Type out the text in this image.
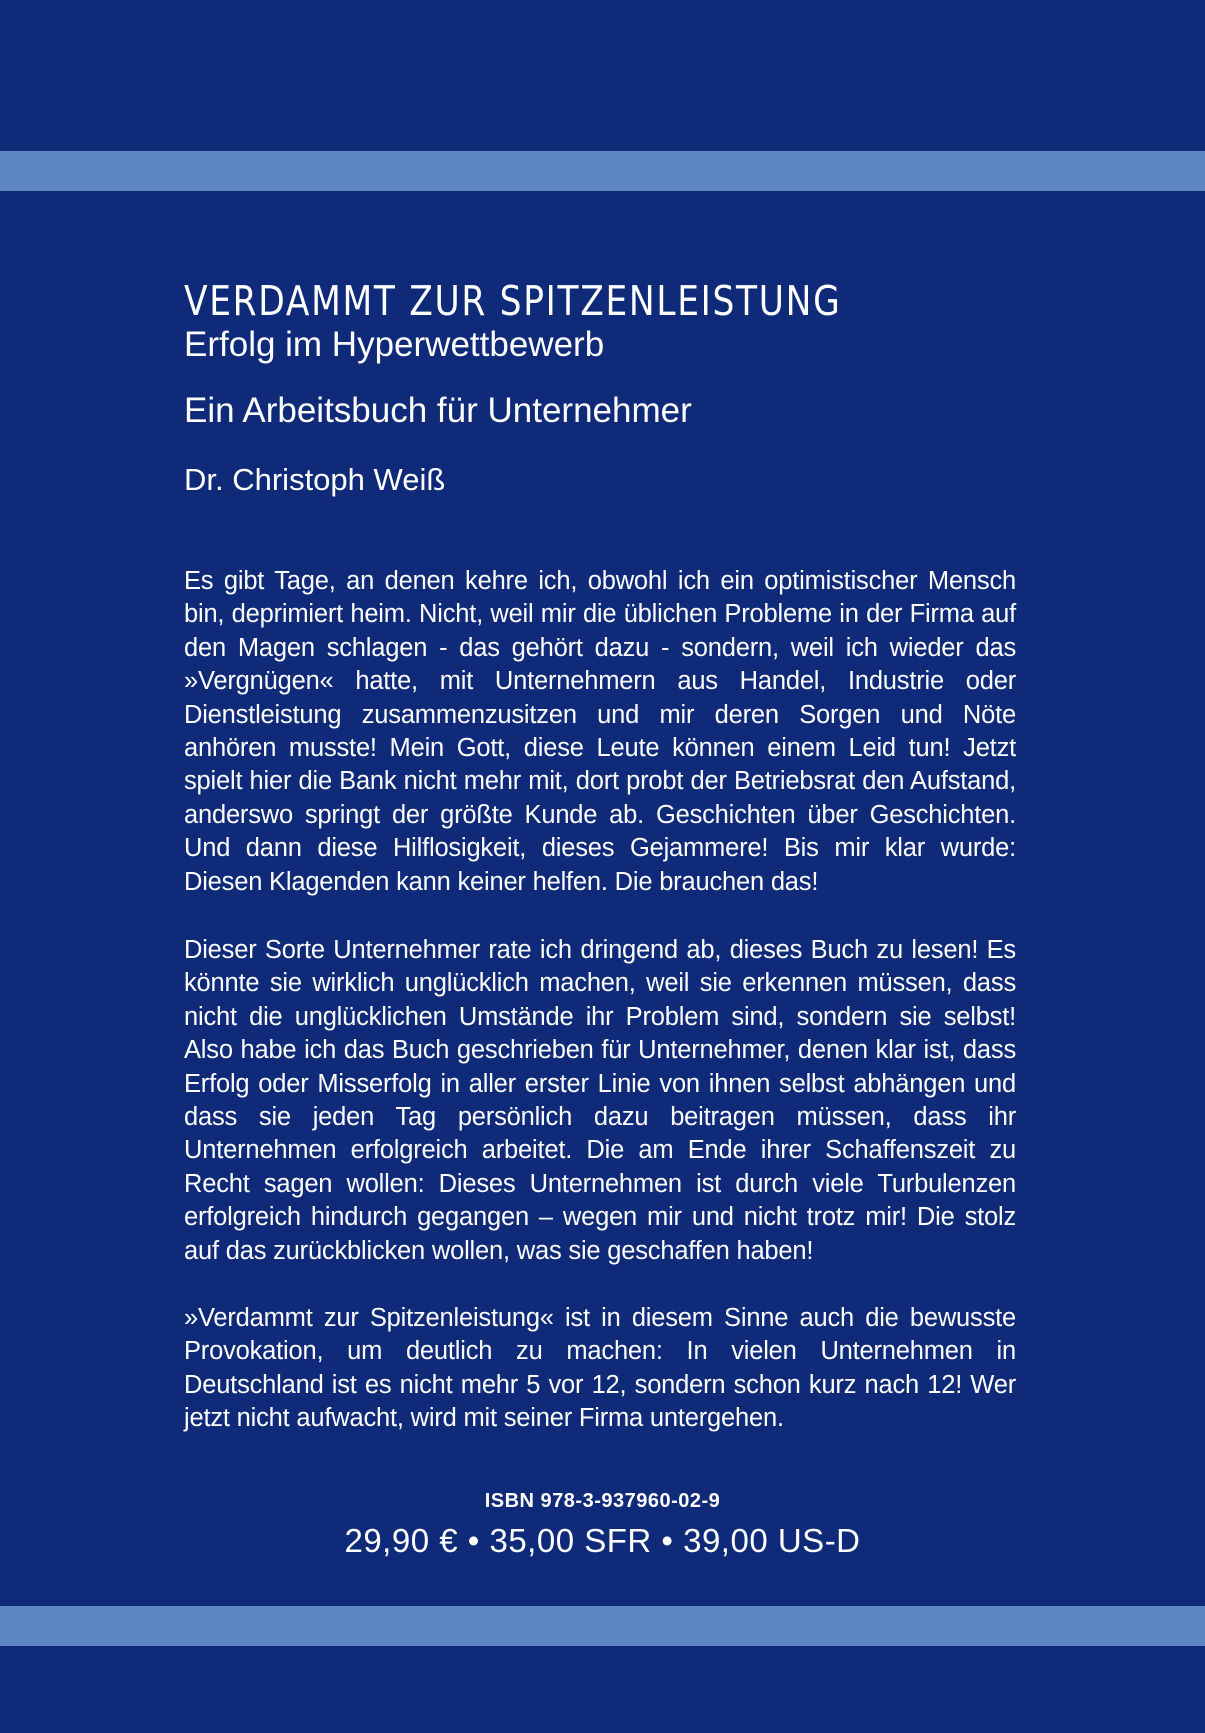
VERDAMMT ZUR SPITZENLEISTUNG
Erfolg im Hyperwettbewerb
Ein Arbeitsbuch für Unternehmer
Dr. Christoph Weiß

Es gibt Tage, an denen kehre ich, obwohl ich ein optimistischer Mensch bin, deprimiert heim. Nicht, weil mir die üblichen Probleme in der Firma auf den Magen schlagen - das gehört dazu - sondern, weil ich wieder das »Vergnügen« hatte, mit Unternehmern aus Handel, Industrie oder Dienstleistung zusammenzusitzen und mir deren Sorgen und Nöte anhören musste! Mein Gott, diese Leute können einem Leid tun! Jetzt spielt hier die Bank nicht mehr mit, dort probt der Betriebsrat den Aufstand, anderswo springt der größte Kunde ab. Geschichten über Geschichten. Und dann diese Hilflosigkeit, dieses Gejammere! Bis mir klar wurde: Diesen Klagenden kann keiner helfen. Die brauchen das!

Dieser Sorte Unternehmer rate ich dringend ab, dieses Buch zu lesen! Es könnte sie wirklich unglücklich machen, weil sie erkennen müssen, dass nicht die unglücklichen Umstände ihr Problem sind, sondern sie selbst! Also habe ich das Buch geschrieben für Unternehmer, denen klar ist, dass Erfolg oder Misserfolg in aller erster Linie von ihnen selbst abhängen und dass sie jeden Tag persönlich dazu beitragen müssen, dass ihr Unternehmen erfolgreich arbeitet. Die am Ende ihrer Schaffenszeit zu Recht sagen wollen: Dieses Unternehmen ist durch viele Turbulenzen erfolgreich hindurch gegangen – wegen mir und nicht trotz mir! Die stolz auf das zurückblicken wollen, was sie geschaffen haben!

»Verdammt zur Spitzenleistung« ist in diesem Sinne auch die bewusste Provokation, um deutlich zu machen: In vielen Unternehmen in Deutschland ist es nicht mehr 5 vor 12, sondern schon kurz nach 12! Wer jetzt nicht aufwacht, wird mit seiner Firma untergehen.

ISBN 978-3-937960-02-9
29,90 € • 35,00 SFR • 39,00 US-D
